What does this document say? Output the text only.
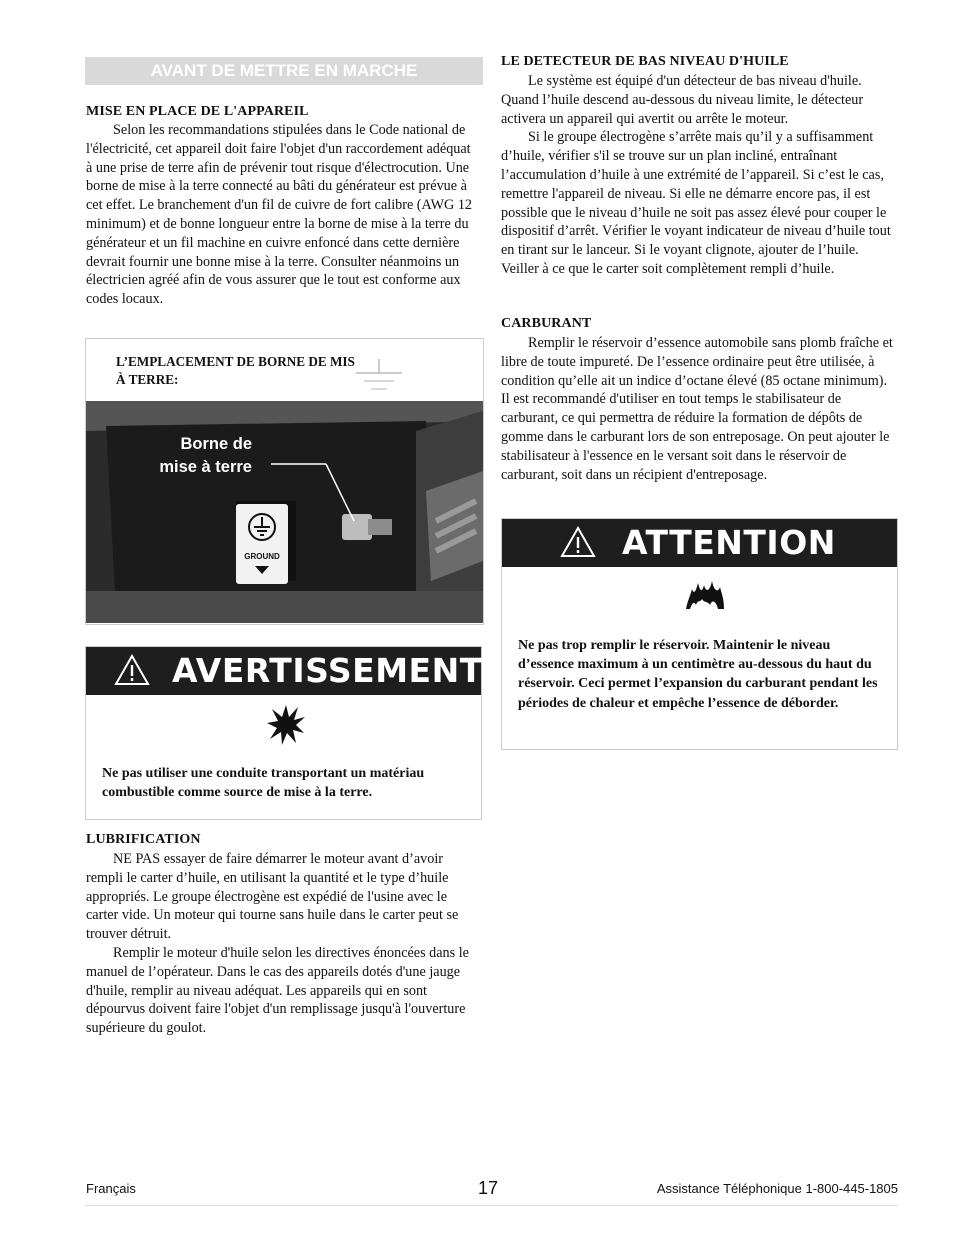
AVANT DE METTRE EN MARCHE
MISE EN PLACE DE L'APPAREIL

Selon les recommandations stipulées dans le Code national de l'électricité, cet appareil doit faire l'objet d'un raccordement adéquat à une prise de terre afin de prévenir tout risque d'électrocution. Une borne de mise à la terre connecté au bâti du générateur est prévue à cet effet. Le branchement d'un fil de cuivre de fort calibre (AWG 12 minimum) et de bonne longueur entre la borne de mise à la terre du générateur et un fil machine en cuivre enfoncé dans cette dernière devrait fournir une bonne mise à la terre. Consulter néanmoins un électricien agréé afin de vous assurer que le tout est conforme aux codes locaux.

L’EMPLACEMENT DE BORNE DE MIS À TERRE:
Borne de
mise à terre
GROUND
AVERTISSEMENT
Ne pas utiliser une conduite transportant un matériau combustible comme source de mise à la terre.
LUBRIFICATION

NE PAS essayer de faire démarrer le moteur avant d’avoir rempli le carter d’huile, en utilisant la quantité et le type d’huile appropriés. Le groupe électrogène est expédié de l'usine avec le carter vide. Un moteur qui tourne sans huile dans le carter peut se trouver détruit.

Remplir le moteur d'huile selon les directives énoncées dans le manuel de l’opérateur. Dans le cas des appareils dotés d'une jauge d'huile, remplir au niveau adéquat. Les appareils qui en sont dépourvus doivent faire l'objet d'un remplissage jusqu'à l'ouverture supérieure du goulot.

LE DETECTEUR DE BAS NIVEAU D'HUILE

Le système est équipé d'un détecteur de bas niveau d'huile. Quand l’huile descend au-dessous du niveau limite, le détecteur activera un appareil qui avertit ou arrête le moteur.

Si le groupe électrogène s’arrête mais qu’il y a suffisamment d’huile, vérifier s'il se trouve sur un plan incliné, entraînant l’accumulation d’huile à une extrémité de l’appareil. Si c’est le cas, remettre l'appareil de niveau. Si elle ne démarre encore pas, il est possible que le niveau d’huile ne soit pas assez élevé pour couper le dispositif d’arrêt. Vérifier le voyant indicateur de niveau d’huile tout en tirant sur le lanceur. Si le voyant clignote, ajouter de l’huile. Veiller à ce que le carter soit complètement rempli d’huile.

CARBURANT

Remplir le réservoir d’essence automobile sans plomb fraîche et libre de toute impureté. De l’essence ordinaire peut être utilisée, à condition qu’elle ait un indice d’octane élevé (85 octane minimum). Il est recommandé d'utiliser en tout temps le stabilisateur de carburant, ce qui permettra de réduire la formation de dépôts de gomme dans le carburant lors de son entreposage. On peut ajouter le stabilisateur à l'essence en le versant soit dans le réservoir de carburant, soit dans un récipient d'entreposage.

ATTENTION
Ne pas trop remplir le réservoir. Maintenir le niveau d’essence maximum à un centimètre au-dessous du haut du réservoir. Ceci permet l’expansion du carburant pendant les périodes de chaleur et empêche l’essence de déborder.
Français	17	Assistance Téléphonique 1-800-445-1805
